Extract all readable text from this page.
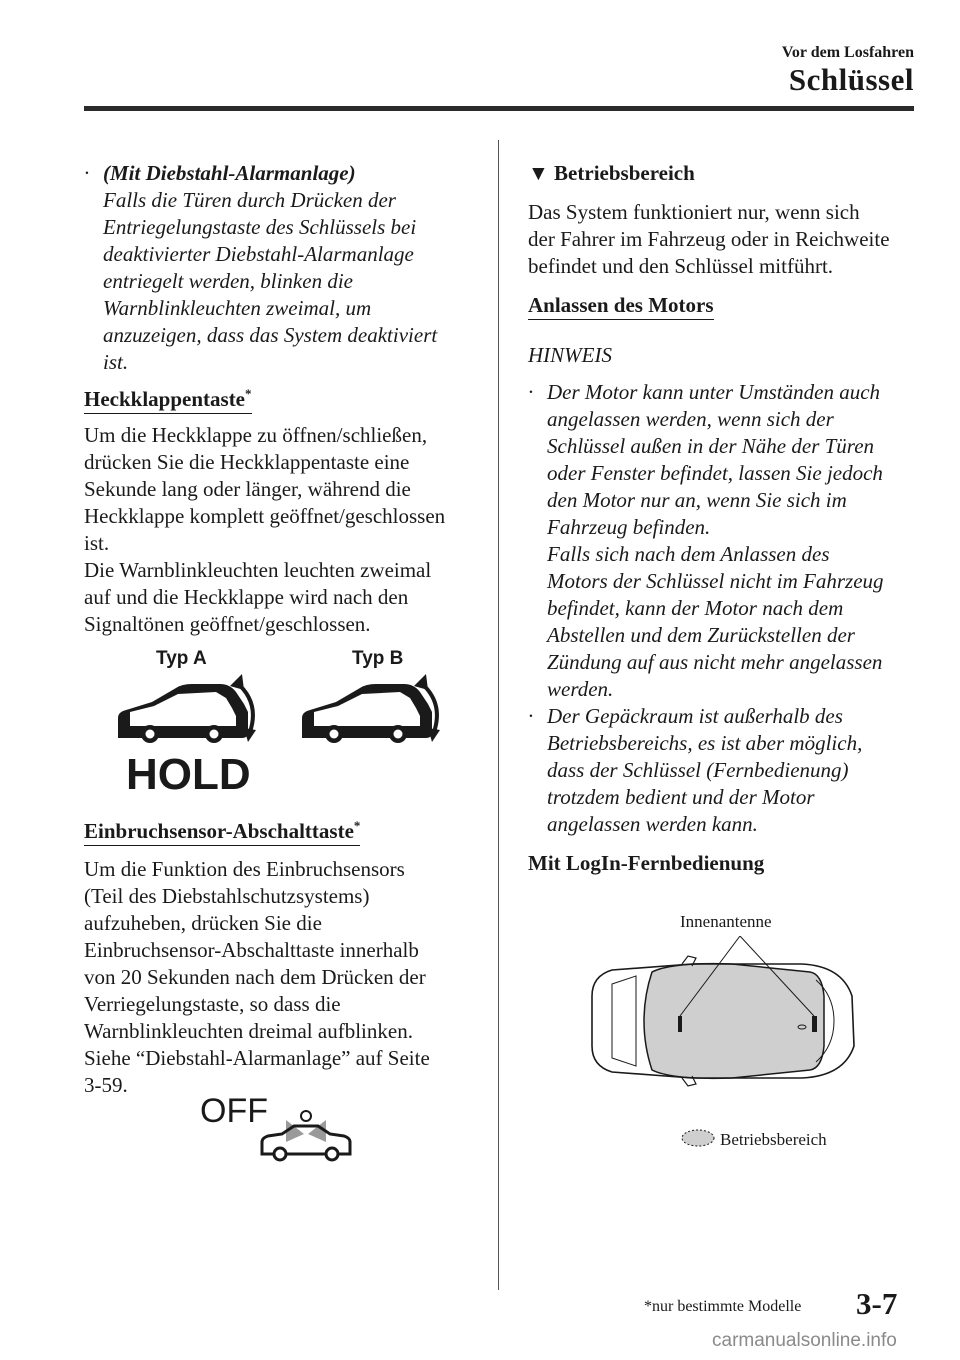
Vor dem Losfahren
Schlüssel
· (Mit Diebstahl-Alarmanlage)

Falls die Türen durch Drücken der

Entriegelungstaste des Schlüssels bei

deaktivierter Diebstahl-Alarmanlage

entriegelt werden, blinken die

Warnblinkleuchten zweimal, um

anzuzeigen, dass das System deaktiviert

ist.

Heckklappentaste*

Um die Heckklappe zu öffnen/schließen,

drücken Sie die Heckklappentaste eine

Sekunde lang oder länger, während die

Heckklappe komplett geöffnet/geschlossen

ist.

Die Warnblinkleuchten leuchten zweimal

auf und die Heckklappe wird nach den

Signaltönen geöffnet/geschlossen.

Typ A	Typ B
HOLD
Einbruchsensor-Abschalttaste*

Um die Funktion des Einbruchsensors

(Teil des Diebstahlschutzsystems)

aufzuheben, drücken Sie die

Einbruchsensor-Abschalttaste innerhalb

von 20 Sekunden nach dem Drücken der

Verriegelungstaste, so dass die

Warnblinkleuchten dreimal aufblinken.

Siehe “Diebstahl-Alarmanlage” auf Seite

3-59.

OFF
▼ Betriebsbereich

Das System funktioniert nur, wenn sich

der Fahrer im Fahrzeug oder in Reichweite

befindet und den Schlüssel mitführt.

Anlassen des Motors
HINWEIS
· Der Motor kann unter Umständen auch

angelassen werden, wenn sich der

Schlüssel außen in der Nähe der Türen

oder Fenster befindet, lassen Sie jedoch

den Motor nur an, wenn Sie sich im

Fahrzeug befinden.

Falls sich nach dem Anlassen des

Motors der Schlüssel nicht im Fahrzeug

befindet, kann der Motor nach dem

Abstellen und dem Zurückstellen der

Zündung auf aus nicht mehr angelassen

werden.

· Der Gepäckraum ist außerhalb des

Betriebsbereichs, es ist aber möglich,

dass der Schlüssel (Fernbedienung)

trotzdem bedient und der Motor

angelassen werden kann.

Mit LogIn-Fernbedienung
Innenantenne
Betriebsbereich
*nur bestimmte Modelle 3-7
carmanualsonline.info
